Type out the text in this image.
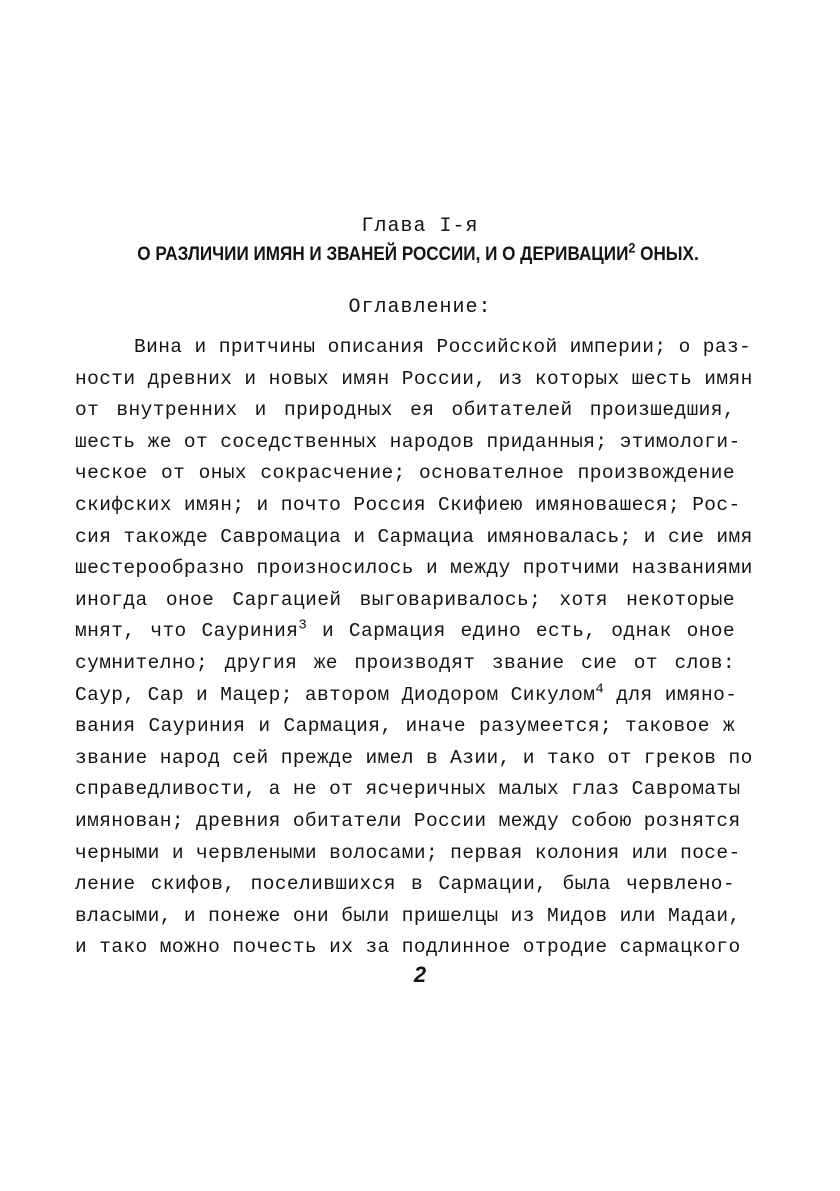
Глава I-я
О РАЗЛИЧИИ ИМЯН И ЗВАНЕЙ РОССИИ, И О ДЕРИВАЦИИ$^2$ ОНЫХ.
Оглавление:
Вина и притчины описания Российской империи; о раз-
ности древних и новых имян России, из которых шесть имян
от внутренних и природных ея обитателей произшедшия,
шесть же от соседственных народов приданныя; этимологи-
ческое от оных сокрасчение; основателное произвождение
скифских имян; и почто Россия Скифиею имяновашеся; Рос-
сия такожде Савромациа и Сармациа имяновалась; и сие имя
шестерообразно произносилось и между протчими названиями
иногда оное Саргацией выговаривалось; хотя некоторые
мнят, что Сауриния$^3$ и Сармация едино есть, однак оное
сумнително; другия же производят звание сие от слов:
Саур, Сар и Мацер; автором Диодором Сикулом$^4$ для имяно-
вания Сауриния и Сармация, иначе разумеется; таковое ж
звание народ сей прежде имел в Азии, и тако от греков по
справедливости, а не от ясчеричных малых глаз Савроматы
имянован; древния обитатели России между собою рознятся
черными и червлеными волосами; первая колония или посе-
ление скифов, поселившихся в Сармации, была червлено-
власыми, и понеже они были пришелцы из Мидов или Мадаи,
и тако можно почесть их за подлинное отродие сармацкого
2
